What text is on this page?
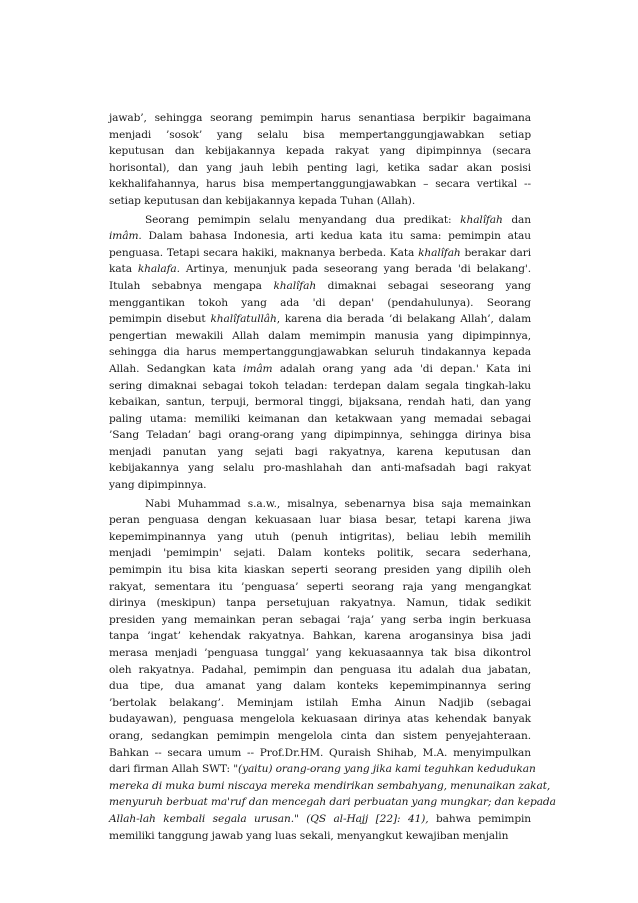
jawab’, sehingga seorang pemimpin harus senantiasa berpikir bagaimana
menjadi ’sosok’ yang selalu bisa mempertanggungjawabkan setiap
keputusan dan kebijakannya kepada rakyat yang dipimpinnya (secara
horisontal), dan yang jauh lebih penting lagi, ketika sadar akan posisi
kekhalifahannya, harus bisa mempertanggungjawabkan – secara vertikal --
setiap keputusan dan kebijakannya kepada Tuhan (Allah).
Seorang pemimpin selalu menyandang dua predikat: khalîfah dan
imâm. Dalam bahasa Indonesia, arti kedua kata itu sama: pemimpin atau
penguasa. Tetapi secara hakiki, maknanya berbeda. Kata khalîfah berakar dari
kata khalafa. Artinya, menunjuk pada seseorang yang berada 'di belakang'.
Itulah sebabnya mengapa khalîfah dimaknai sebagai seseorang yang
menggantikan tokoh yang ada 'di depan' (pendahulunya). Seorang
pemimpin disebut khalîfatullâh, karena dia berada ’di belakang Allah’, dalam
pengertian mewakili Allah dalam memimpin manusia yang dipimpinnya,
sehingga dia harus mempertanggungjawabkan seluruh tindakannya kepada
Allah. Sedangkan kata imâm adalah orang yang ada 'di depan.' Kata ini
sering dimaknai sebagai tokoh teladan: terdepan dalam segala tingkah-laku
kebaikan, santun, terpuji, bermoral tinggi, bijaksana, rendah hati, dan yang
paling utama: memiliki keimanan dan ketakwaan yang memadai sebagai
’Sang Teladan’ bagi orang-orang yang dipimpinnya, sehingga dirinya bisa
menjadi panutan yang sejati bagi rakyatnya, karena keputusan dan
kebijakannya yang selalu pro-mashlahah dan anti-mafsadah bagi rakyat
yang dipimpinnya.
Nabi Muhammad s.a.w., misalnya, sebenarnya bisa saja memainkan
peran penguasa dengan kekuasaan luar biasa besar, tetapi karena jiwa
kepemimpinannya yang utuh (penuh intigritas), beliau lebih memilih
menjadi 'pemimpin' sejati. Dalam konteks politik, secara sederhana,
pemimpin itu bisa kita kiaskan seperti seorang presiden yang dipilih oleh
rakyat, sementara itu ’penguasa’ seperti seorang raja yang mengangkat
dirinya (meskipun) tanpa persetujuan rakyatnya. Namun, tidak sedikit
presiden yang memainkan peran sebagai ’raja’ yang serba ingin berkuasa
tanpa ’ingat’ kehendak rakyatnya. Bahkan, karena arogansinya bisa jadi
merasa menjadi ’penguasa tunggal’ yang kekuasaannya tak bisa dikontrol
oleh rakyatnya. Padahal, pemimpin dan penguasa itu adalah dua jabatan,
dua tipe, dua amanat yang dalam konteks kepemimpinannya sering
’bertolak belakang’. Meminjam istilah Emha Ainun Nadjib (sebagai
budayawan), penguasa mengelola kekuasaan dirinya atas kehendak banyak
orang, sedangkan pemimpin mengelola cinta dan sistem penyejahteraan.
Bahkan -- secara umum -- Prof.Dr.HM. Quraish Shihab, M.A. menyimpulkan
dari firman Allah SWT: "(yaitu) orang-orang yang jika kami teguhkan kedudukan
mereka di muka bumi niscaya mereka mendirikan sembahyang, menunaikan zakat,
menyuruh berbuat ma'ruf dan mencegah dari perbuatan yang mungkar; dan kepada
Allah-lah kembali segala urusan." (QS al-Hajj [22]: 41), bahwa pemimpin
memiliki tanggung jawab yang luas sekali, menyangkut kewajiban menjalin
